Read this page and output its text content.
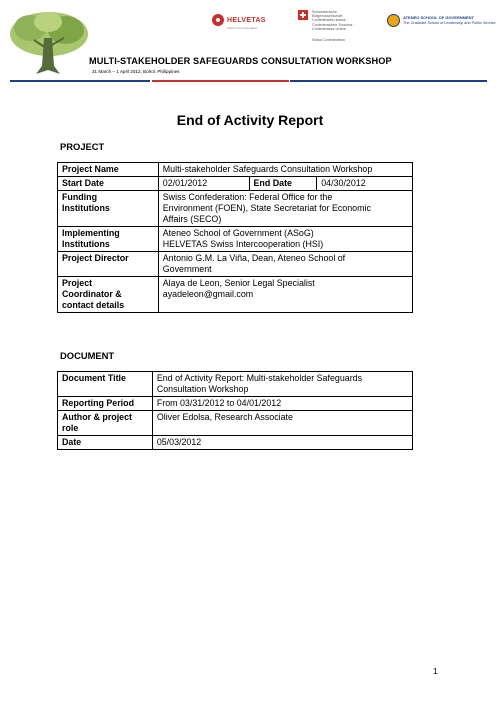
HELVETAS
Swiss Intercooperation
Schweizerische Eidgenossenschaft · Confédération suisse · Confederazione Svizzera · Confederaziun svizra
Swiss Confederation
ATENEO SCHOOL OF GOVERNMENT
The Graduate School of Leadership and Public Service
MULTI-STAKEHOLDER SAFEGUARDS CONSULTATION WORKSHOP
31 March – 1 April 2012, Bohol, Philippines
End of Activity Report
PROJECT
Project Name	Multi-stakeholder Safeguards Consultation Workshop		
Start Date	02/01/2012	End Date	04/30/2012
Funding
Institutions	Swiss Confederation: Federal Office for the
Environment (FOEN), State Secretariat for Economic
Affairs (SECO)		
Implementing
Institutions	Ateneo School of Government (ASoG)
HELVETAS Swiss Intercooperation (HSI)		
Project Director	Antonio G.M. La Viña, Dean, Ateneo School of
Government		
Project
Coordinator &
contact details	Alaya de Leon, Senior Legal Specialist
ayadeleon@gmail.com		
DOCUMENT
Document Title	End of Activity Report: Multi-stakeholder Safeguards
Consultation Workshop
Reporting Period	From 03/31/2012 to 04/01/2012
Author & project
role	Oliver Edolsa, Research Associate
Date	05/03/2012
1
